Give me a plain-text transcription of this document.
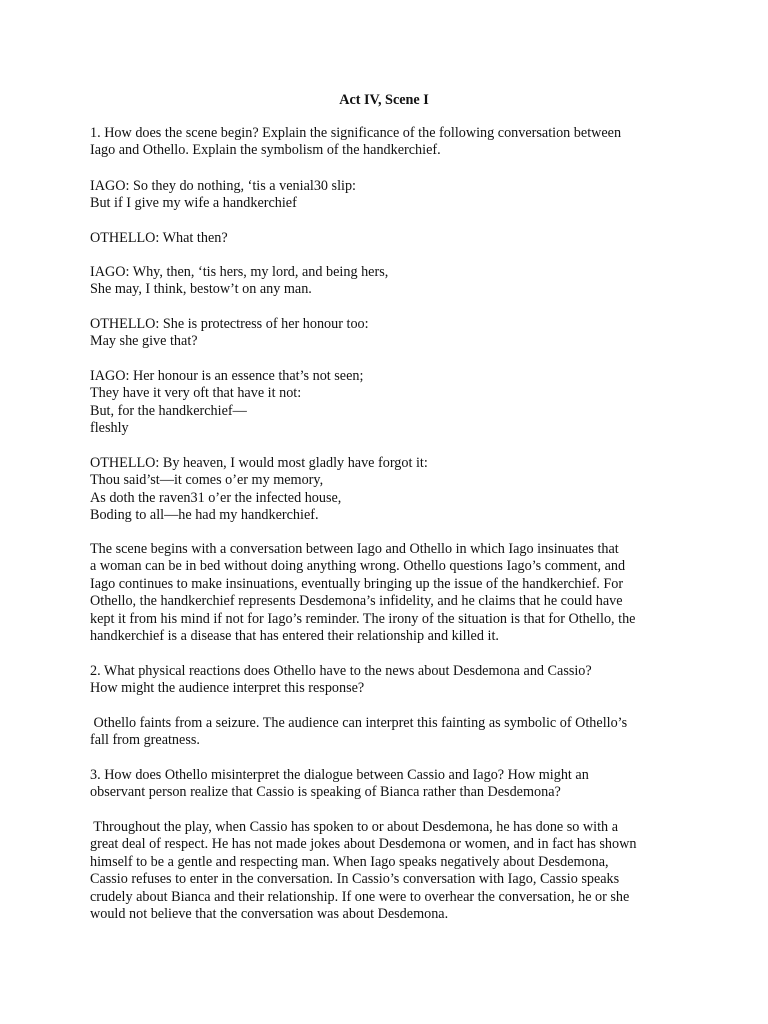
Act IV, Scene I
1. How does the scene begin? Explain the significance of the following conversation between
Iago and Othello. Explain the symbolism of the handkerchief.
IAGO: So they do nothing, ‘tis a venial30 slip:
But if I give my wife a handkerchief
OTHELLO: What then?
IAGO: Why, then, ‘tis hers, my lord, and being hers,
She may, I think, bestow’t on any man.
OTHELLO: She is protectress of her honour too:
May she give that?
IAGO: Her honour is an essence that’s not seen;
They have it very oft that have it not:
But, for the handkerchief—
fleshly
OTHELLO: By heaven, I would most gladly have forgot it:
Thou said’st—it comes o’er my memory,
As doth the raven31 o’er the infected house,
Boding to all—he had my handkerchief.
The scene begins with a conversation between Iago and Othello in which Iago insinuates that
a woman can be in bed without doing anything wrong. Othello questions Iago’s comment, and
Iago continues to make insinuations, eventually bringing up the issue of the handkerchief. For
Othello, the handkerchief represents Desdemona’s infidelity, and he claims that he could have
kept it from his mind if not for Iago’s reminder. The irony of the situation is that for Othello, the
handkerchief is a disease that has entered their relationship and killed it.
2. What physical reactions does Othello have to the news about Desdemona and Cassio?
How might the audience interpret this response?
Othello faints from a seizure. The audience can interpret this fainting as symbolic of Othello’s
fall from greatness.
3. How does Othello misinterpret the dialogue between Cassio and Iago? How might an
observant person realize that Cassio is speaking of Bianca rather than Desdemona?
Throughout the play, when Cassio has spoken to or about Desdemona, he has done so with a
great deal of respect. He has not made jokes about Desdemona or women, and in fact has shown
himself to be a gentle and respecting man. When Iago speaks negatively about Desdemona,
Cassio refuses to enter in the conversation. In Cassio’s conversation with Iago, Cassio speaks
crudely about Bianca and their relationship. If one were to overhear the conversation, he or she
would not believe that the conversation was about Desdemona.
